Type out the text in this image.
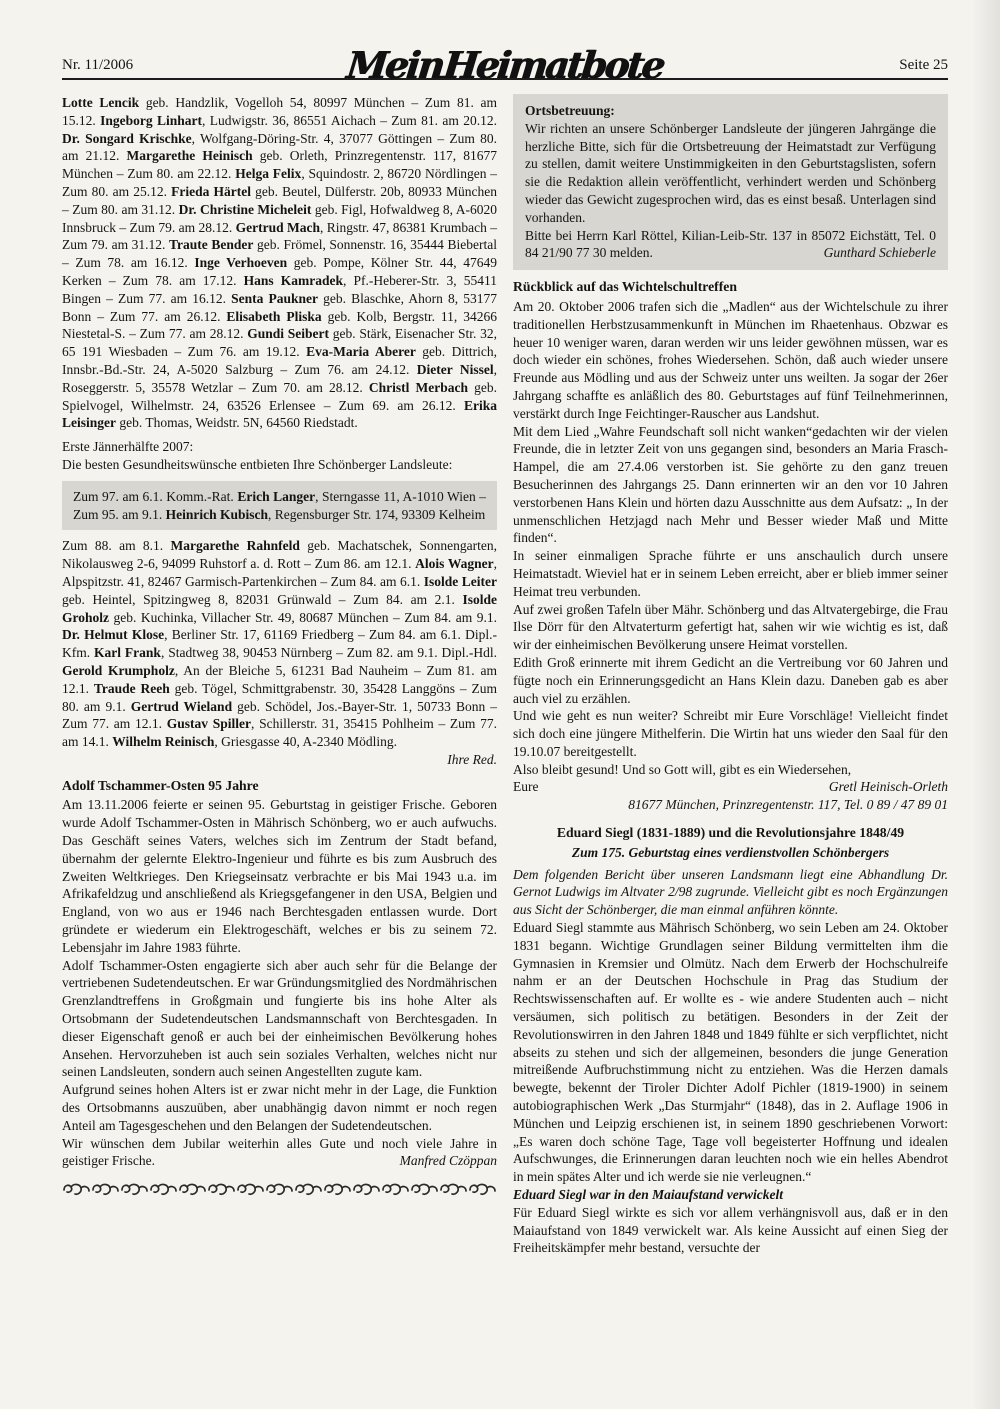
Nr. 11/2006	Mein Heimatbote	Seite 25

Lotte Lencik geb. Handzlik, Vogelloh 54, 80997 München – Zum 81. am 15.12. Ingeborg Linhart, Ludwigstr. 36, 86551 Aichach – Zum 81. am 20.12. Dr. Songard Krischke, Wolfgang-Döring-Str. 4, 37077 Göttingen – Zum 80. am 21.12. Margarethe Heinisch geb. Orleth, Prinzregentenstr. 117, 81677 München – Zum 80. am 22.12. Helga Felix, Squindostr. 2, 86720 Nördlingen – Zum 80. am 25.12. Frieda Härtel geb. Beutel, Dülferstr. 20b, 80933 München – Zum 80. am 31.12. Dr. Christine Micheleit geb. Figl, Hofwaldweg 8, A-6020 Innsbruck – Zum 79. am 28.12. Gertrud Mach, Ringstr. 47, 86381 Krumbach – Zum 79. am 31.12. Traute Bender geb. Frömel, Sonnenstr. 16, 35444 Biebertal – Zum 78. am 16.12. Inge Verhoeven geb. Pompe, Kölner Str. 44, 47649 Kerken – Zum 78. am 17.12. Hans Kamradek, Pf.-Heberer-Str. 3, 55411 Bingen – Zum 77. am 16.12. Senta Paukner geb. Blaschke, Ahorn 8, 53177 Bonn – Zum 77. am 26.12. Elisabeth Pliska geb. Kolb, Bergstr. 11, 34266 Niestetal-S. – Zum 77. am 28.12. Gundi Seibert geb. Stärk, Eisenacher Str. 32, 65 191 Wiesbaden – Zum 76. am 19.12. Eva-Maria Aberer geb. Dittrich, Innsbr.-Bd.-Str. 24, A-5020 Salzburg – Zum 76. am 24.12. Dieter Nissel, Roseggerstr. 5, 35578 Wetzlar – Zum 70. am 28.12. Christl Merbach geb. Spielvogel, Wilhelmstr. 24, 63526 Erlensee – Zum 69. am 26.12. Erika Leisinger geb. Thomas, Weidstr. 5N, 64560 Riedstadt.

Erste Jännerhälfte 2007:

Die besten Gesundheitswünsche entbieten Ihre Schönberger Landsleute:

Zum 97. am 6.1. Komm.-Rat. Erich Langer, Sterngasse 11, A-1010 Wien – Zum 95. am 9.1. Heinrich Kubisch, Regensburger Str. 174, 93309 Kelheim

Zum 88. am 8.1. Margarethe Rahnfeld geb. Machatschek, Sonnengarten, Nikolausweg 2-6, 94099 Ruhstorf a. d. Rott – Zum 86. am 12.1. Alois Wagner, Alpspitzstr. 41, 82467 Garmisch-Partenkirchen – Zum 84. am 6.1. Isolde Leiter geb. Heintel, Spitzingweg 8, 82031 Grünwald – Zum 84. am 2.1. Isolde Groholz geb. Kuchinka, Villacher Str. 49, 80687 München – Zum 84. am 9.1. Dr. Helmut Klose, Berliner Str. 17, 61169 Friedberg – Zum 84. am 6.1. Dipl.-Kfm. Karl Frank, Stadtweg 38, 90453 Nürnberg – Zum 82. am 9.1. Dipl.-Hdl. Gerold Krumpholz, An der Bleiche 5, 61231 Bad Nauheim – Zum 81. am 12.1. Traude Reeh geb. Tögel, Schmittgrabenstr. 30, 35428 Langgöns – Zum 80. am 9.1. Gertrud Wieland geb. Schödel, Jos.-Bayer-Str. 1, 50733 Bonn – Zum 77. am 12.1. Gustav Spiller, Schillerstr. 31, 35415 Pohlheim – Zum 77. am 14.1. Wilhelm Reinisch, Griesgasse 40, A-2340 Mödling.

Ihre Red.

Adolf Tschammer-Osten 95 Jahre

Am 13.11.2006 feierte er seinen 95. Geburtstag in geistiger Frische. Geboren wurde Adolf Tschammer-Osten in Mährisch Schönberg, wo er auch aufwuchs. Das Geschäft seines Vaters, welches sich im Zentrum der Stadt befand, übernahm der gelernte Elektro-Ingenieur und führte es bis zum Ausbruch des Zweiten Weltkrieges. Den Kriegseinsatz verbrachte er bis Mai 1943 u.a. im Afrikafeldzug und anschließend als Kriegsgefangener in den USA, Belgien und England, von wo aus er 1946 nach Berchtesgaden entlassen wurde. Dort gründete er wiederum ein Elektrogeschäft, welches er bis zu seinem 72. Lebensjahr im Jahre 1983 führte.

Adolf Tschammer-Osten engagierte sich aber auch sehr für die Belange der vertriebenen Sudetendeutschen. Er war Gründungsmitglied des Nordmährischen Grenzlandtreffens in Großgmain und fungierte bis ins hohe Alter als Ortsobmann der Sudetendeutschen Landsmannschaft von Berchtesgaden. In dieser Eigenschaft genoß er auch bei der einheimischen Bevölkerung hohes Ansehen. Hervorzuheben ist auch sein soziales Verhalten, welches nicht nur seinen Landsleuten, sondern auch seinen Angestellten zugute kam.

Aufgrund seines hohen Alters ist er zwar nicht mehr in der Lage, die Funktion des Ortsobmanns auszuüben, aber unabhängig davon nimmt er noch regen Anteil am Tagesgeschehen und den Belangen der Sudetendeutschen.

Wir wünschen dem Jubilar weiterhin alles Gute und noch viele Jahre in geistiger Frische.	Manfred Czöppan

Ortsbetreuung:

Wir richten an unsere Schönberger Landsleute der jüngeren Jahrgänge die herzliche Bitte, sich für die Ortsbetreuung der Heimatstadt zur Verfügung zu stellen, damit weitere Unstimmigkeiten in den Geburtstagslisten, sofern sie die Redaktion allein veröffentlicht, verhindert werden und Schönberg wieder das Gewicht zugesprochen wird, das es einst besaß. Unterlagen sind vorhanden.

Bitte bei Herrn Karl Röttel, Kilian-Leib-Str. 137 in 85072 Eichstätt, Tel. 0 84 21/90 77 30 melden.	Gunthard Schieberle

Rückblick auf das Wichtelschultreffen

Am 20. Oktober 2006 trafen sich die „Madlen“ aus der Wichtelschule zu ihrer traditionellen Herbstzusammenkunft in München im Rhaetenhaus. Obzwar es heuer 10 weniger waren, daran werden wir uns leider gewöhnen müssen, war es doch wieder ein schönes, frohes Wiedersehen. Schön, daß auch wieder unsere Freunde aus Mödling und aus der Schweiz unter uns weilten. Ja sogar der 26er Jahrgang schaffte es anläßlich des 80. Geburtstages auf fünf Teilnehmerinnen, verstärkt durch Inge Feichtinger-Rauscher aus Landshut.

Mit dem Lied „Wahre Feundschaft soll nicht wanken“gedachten wir der vielen Freunde, die in letzter Zeit von uns gegangen sind, besonders an Maria Frasch-Hampel, die am 27.4.06 verstorben ist. Sie gehörte zu den ganz treuen Besucherinnen des Jahrgangs 25. Dann erinnerten wir an den vor 10 Jahren verstorbenen Hans Klein und hörten dazu Ausschnitte aus dem Aufsatz: „ In der unmenschlichen Hetzjagd nach Mehr und Besser wieder Maß und Mitte finden“.

In seiner einmaligen Sprache führte er uns anschaulich durch unsere Heimatstadt. Wieviel hat er in seinem Leben erreicht, aber er blieb immer seiner Heimat treu verbunden.

Auf zwei großen Tafeln über Mähr. Schönberg und das Altvatergebirge, die Frau Ilse Dörr für den Altvaterturm gefertigt hat, sahen wir wie wichtig es ist, daß wir der einheimischen Bevölkerung unsere Heimat vorstellen.

Edith Groß erinnerte mit ihrem Gedicht an die Vertreibung vor 60 Jahren und fügte noch ein Erinnerungsgedicht an Hans Klein dazu. Daneben gab es aber auch viel zu erzählen.

Und wie geht es nun weiter? Schreibt mir Eure Vorschläge! Vielleicht findet sich doch eine jüngere Mithelferin. Die Wirtin hat uns wieder den Saal für den 19.10.07 bereitgestellt.

Also bleibt gesund! Und so Gott will, gibt es ein Wiedersehen,

Eure	Gretl Heinisch-Orleth

81677 München, Prinzregentenstr. 117, Tel. 0 89 / 47 89 01

Eduard Siegl (1831-1889) und die Revolutionsjahre 1848/49
Zum 175. Geburtstag eines verdienstvollen Schönbergers

Dem folgenden Bericht über unseren Landsmann liegt eine Abhandlung Dr. Gernot Ludwigs im Altvater 2/98 zugrunde. Vielleicht gibt es noch Ergänzungen aus Sicht der Schönberger, die man einmal anführen könnte.

Eduard Siegl stammte aus Mährisch Schönberg, wo sein Leben am 24. Oktober 1831 begann. Wichtige Grundlagen seiner Bildung vermittelten ihm die Gymnasien in Kremsier und Olmütz. Nach dem Erwerb der Hochschulreife nahm er an der Deutschen Hochschule in Prag das Studium der Rechtswissenschaften auf. Er wollte es - wie andere Studenten auch – nicht versäumen, sich politisch zu betätigen. Besonders in der Zeit der Revolutionswirren in den Jahren 1848 und 1849 fühlte er sich verpflichtet, nicht abseits zu stehen und sich der allgemeinen, besonders die junge Generation mitreißende Aufbruchstimmung nicht zu entziehen. Was die Herzen damals bewegte, bekennt der Tiroler Dichter Adolf Pichler (1819-1900) in seinem autobiographischen Werk „Das Sturmjahr“ (1848), das in 2. Auflage 1906 in München und Leipzig erschienen ist, in seinem 1890 geschriebenen Vorwort: „Es waren doch schöne Tage, Tage voll begeisterter Hoffnung und idealen Aufschwunges, die Erinnerungen daran leuchten noch wie ein helles Abendrot in mein spätes Alter und ich werde sie nie verleugnen.“

Eduard Siegl war in den Maiaufstand verwickelt

Für Eduard Siegl wirkte es sich vor allem verhängnisvoll aus, daß er in den Maiaufstand von 1849 verwickelt war. Als keine Aussicht auf einen Sieg der Freiheitskämpfer mehr bestand, versuchte der
